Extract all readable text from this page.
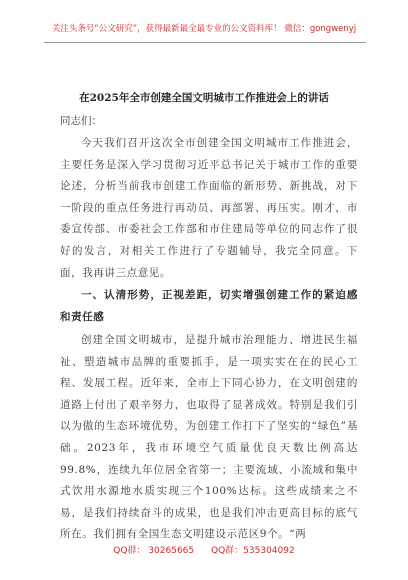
关注头条号“公文研究”，获得最新最全最专业的公文资料库！ 微信：gongwenyj
在2025年全市创建全国文明城市工作推进会上的讲话
同志们：
今天我们召开这次全市创建全国文明城市工作推进会，主要任务是深入学习贯彻习近平总书记关于城市工作的重要论述，分析当前我市创建工作面临的新形势、新挑战，对下一阶段的重点任务进行再动员、再部署、再压实。刚才，市委宣传部、市委社会工作部和市住建局等单位的同志作了很好的发言，对相关工作进行了专题辅导，我完全同意。下面，我再讲三点意见。
一、认清形势，正视差距，切实增强创建工作的紧迫感和责任感
创建全国文明城市，是提升城市治理能力、增进民生福祉、塑造城市品牌的重要抓手，是一项实实在在的民心工程、发展工程。近年来，全市上下同心协力，在文明创建的道路上付出了艰辛努力，也取得了显著成效。特别是我们引以为傲的生态环境优势，为创建工作打下了坚实的“绿色”基础。2023年，我市环境空气质量优良天数比例高达99.8%，连续九年位居全省第一；主要流域、小流域和集中式饮用水源地水质实现三个100%达标。这些成绩来之不易，是我们持续奋斗的成果，也是我们冲击更高目标的底气所在。我们拥有全国生态文明建设示范区9个。“两
QQ群： 30265665 QQ群：535304092
